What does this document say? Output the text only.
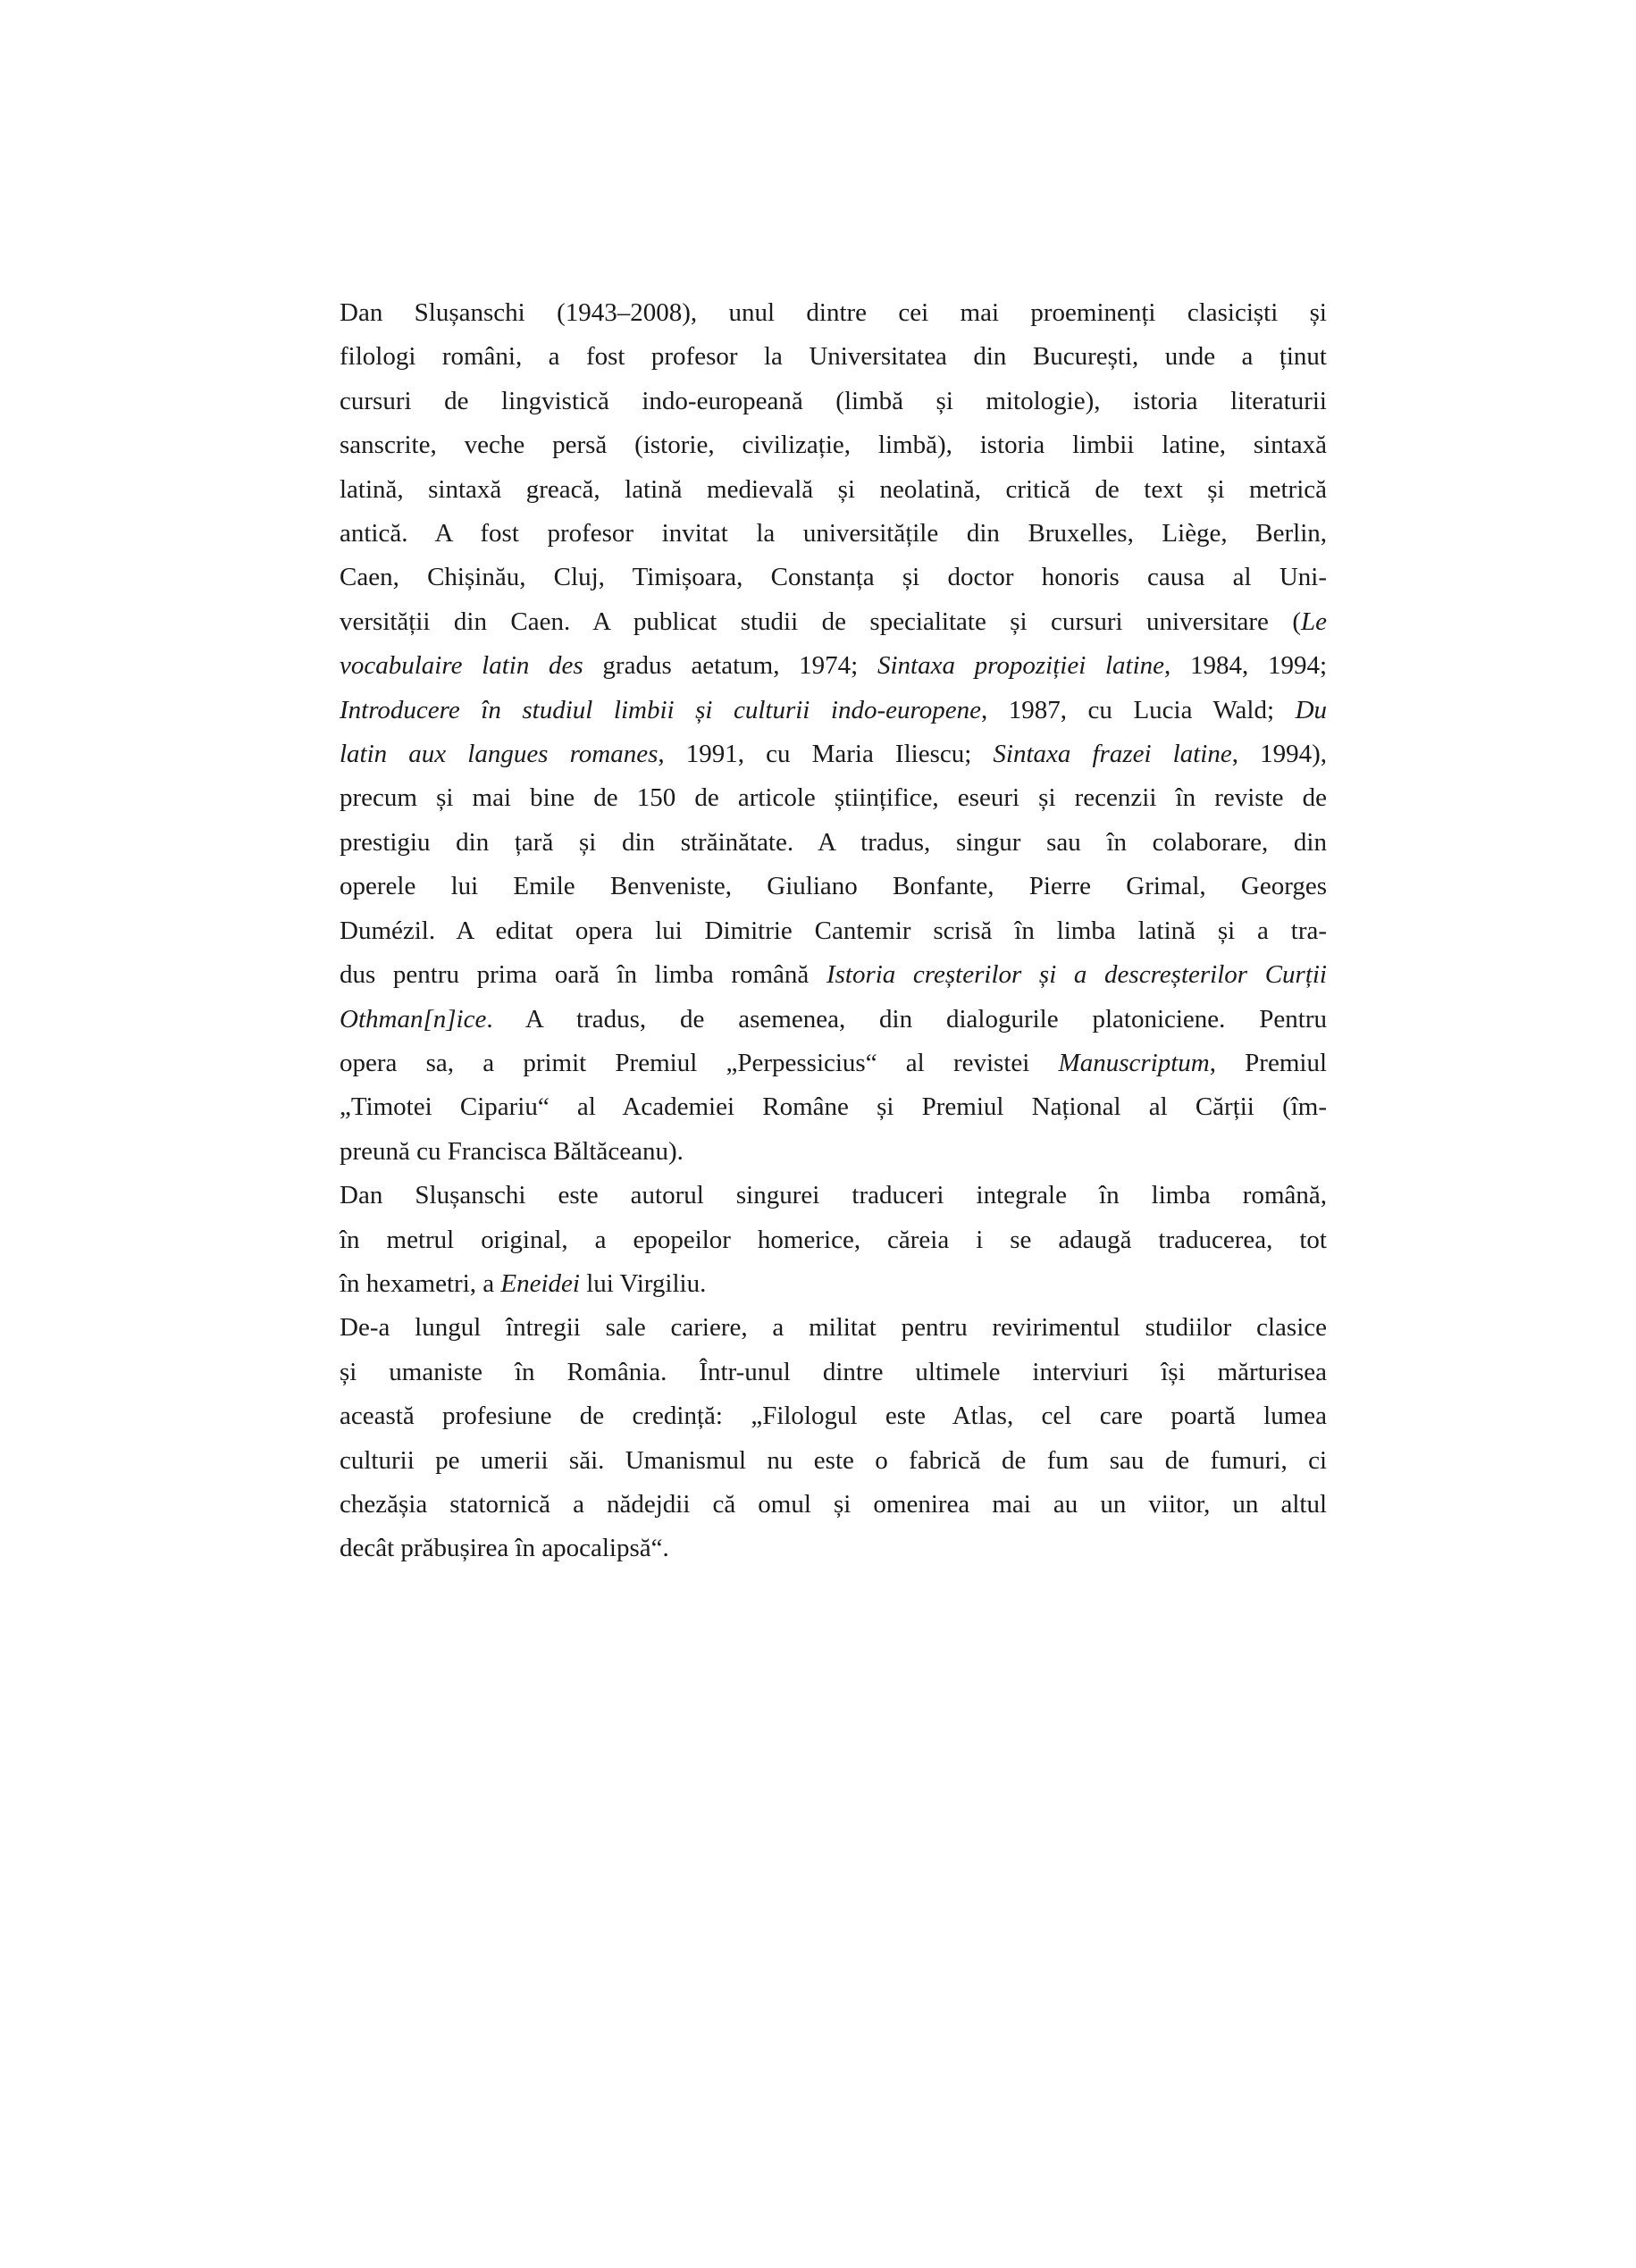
Dan Slușanschi (1943–2008), unul dintre cei mai proeminenți clasiciști și
filologi români, a fost profesor la Universitatea din București, unde a ținut
cursuri de lingvistică indo-europeană (limbă și mitologie), istoria literaturii
sanscrite, veche persă (istorie, civilizație, limbă), istoria limbii latine, sintaxă
latină, sintaxă greacă, latină medievală și neolatină, critică de text și metrică
antică. A fost profesor invitat la universitățile din Bruxelles, Liège, Berlin,
Caen, Chișinău, Cluj, Timișoara, Constanța și doctor honoris causa al Uni-
versității din Caen. A publicat studii de specialitate și cursuri universitare (Le
vocabulaire latin des gradus aetatum, 1974; Sintaxa propoziției latine, 1984, 1994;
Introducere în studiul limbii și culturii indo-europene, 1987, cu Lucia Wald; Du
latin aux langues romanes, 1991, cu Maria Iliescu; Sintaxa frazei latine, 1994),
precum și mai bine de 150 de articole științifice, eseuri și recenzii în reviste de
prestigiu din țară și din străinătate. A tradus, singur sau în colaborare, din
operele lui Emile Benveniste, Giuliano Bonfante, Pierre Grimal, Georges
Dumézil. A editat opera lui Dimitrie Cantemir scrisă în limba latină și a tra-
dus pentru prima oară în limba română Istoria creșterilor și a descreșterilor Curții
Othman[n]ice. A tradus, de asemenea, din dialogurile platoniciene. Pentru
opera sa, a primit Premiul „Perpessicius“ al revistei Manuscriptum, Premiul
„Timotei Cipariu“ al Academiei Române și Premiul Național al Cărții (îm-
preună cu Francisca Băltăceanu).

Dan Slușanschi este autorul singurei traduceri integrale în limba română,
în metrul original, a epopeilor homerice, căreia i se adaugă traducerea, tot
în hexametri, a Eneidei lui Virgiliu.

De-a lungul întregii sale cariere, a militat pentru revirimentul studiilor clasice
și umaniste în România. Într-unul dintre ultimele interviuri își mărturisea
această profesiune de credință: „Filologul este Atlas, cel care poartă lumea
culturii pe umerii săi. Umanismul nu este o fabrică de fum sau de fumuri, ci
chezășia statornică a nădejdii că omul și omenirea mai au un viitor, un altul
decât prăbușirea în apocalipsă“.
